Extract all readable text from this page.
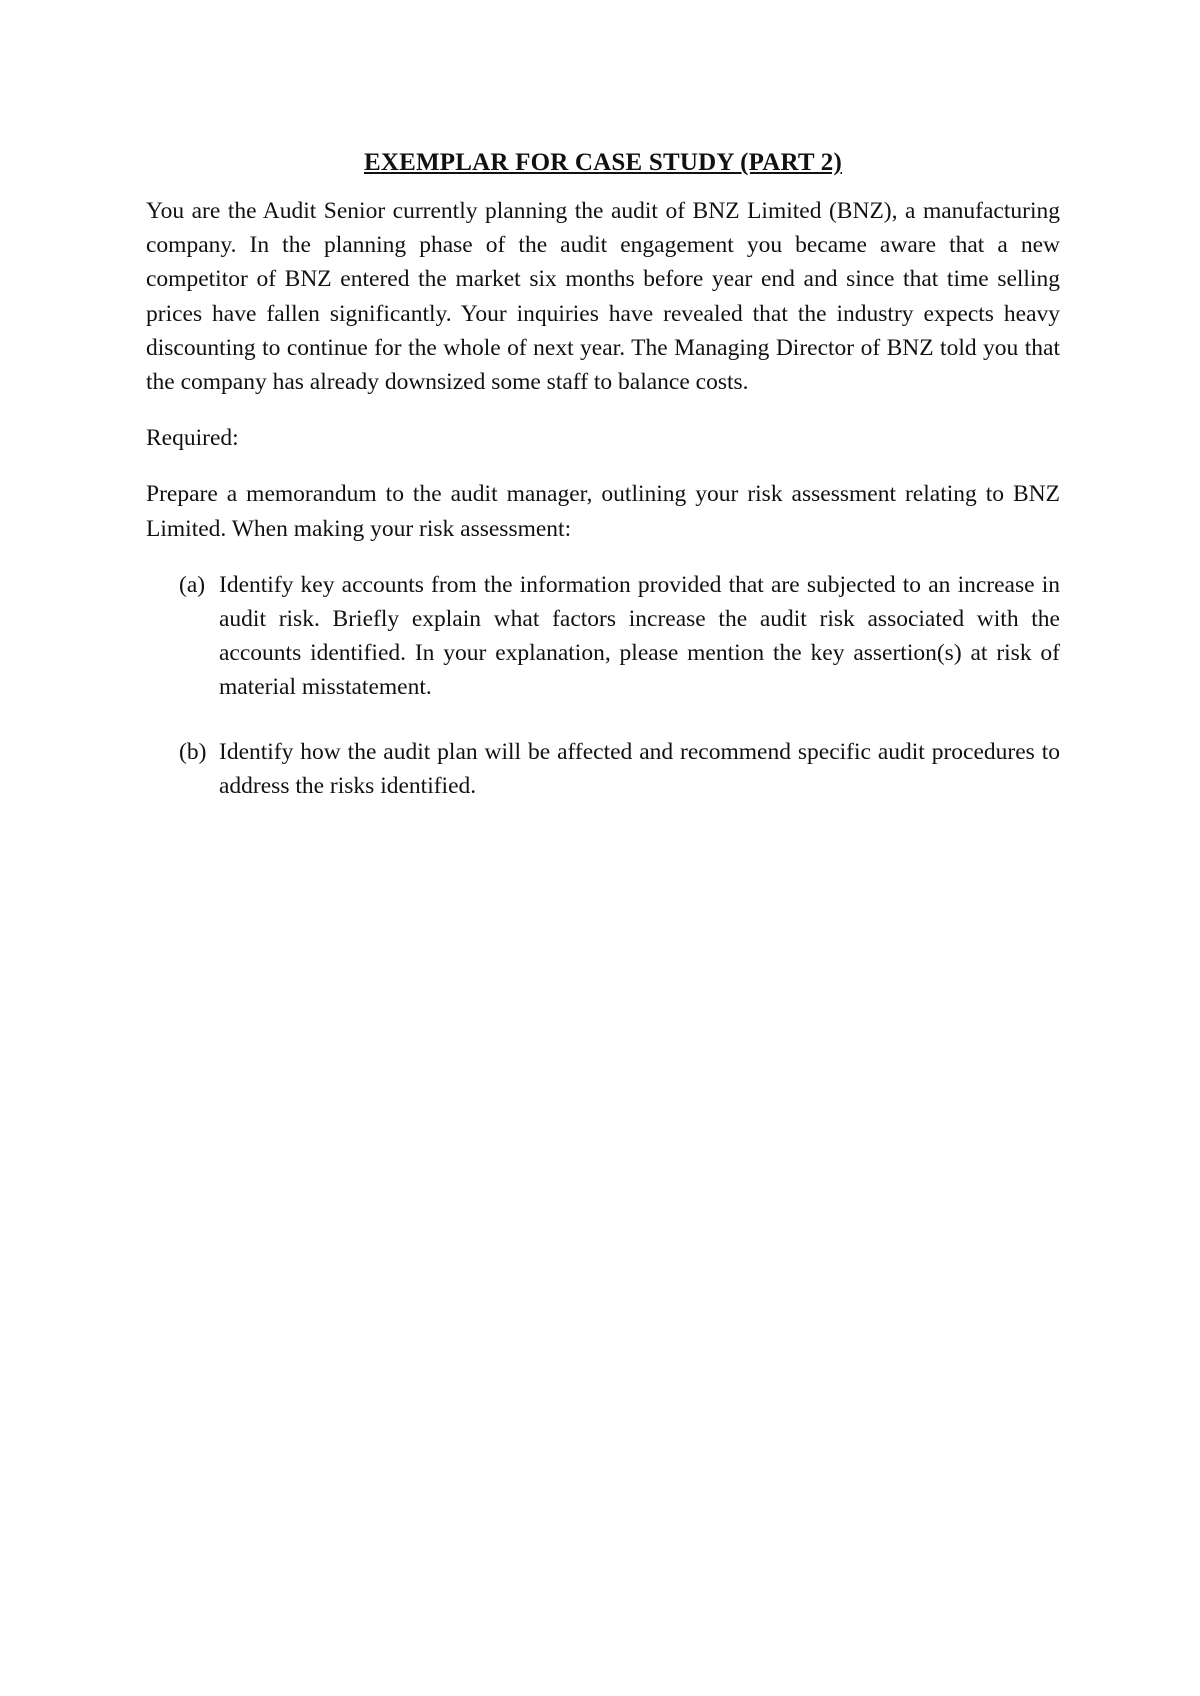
EXEMPLAR FOR CASE STUDY (PART 2)

You are the Audit Senior currently planning the audit of BNZ Limited (BNZ), a manufacturing company. In the planning phase of the audit engagement you became aware that a new competitor of BNZ entered the market six months before year end and since that time selling prices have fallen significantly. Your inquiries have revealed that the industry expects heavy discounting to continue for the whole of next year. The Managing Director of BNZ told you that the company has already downsized some staff to balance costs.

Required:

Prepare a memorandum to the audit manager, outlining your risk assessment relating to BNZ Limited. When making your risk assessment:

(a) Identify key accounts from the information provided that are subjected to an increase in audit risk. Briefly explain what factors increase the audit risk associated with the accounts identified. In your explanation, please mention the key assertion(s) at risk of material misstatement.
(b) Identify how the audit plan will be affected and recommend specific audit procedures to address the risks identified.
